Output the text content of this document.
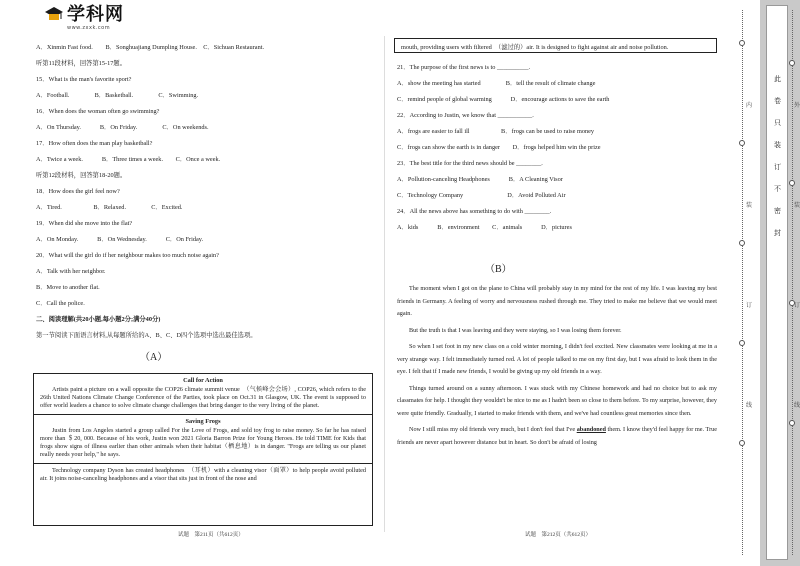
学科网
www.zxxk.com
A．Xinmin Fast food.　　B．Songhuajiang Dumpling House.　C．Sichuan Restaurant.
听第11段材料，回答第15-17题。
15．What is the man's favorite sport?
A．Football.　　　　B．Basketball.　　　　C．Swimming.
16．When does the woman often go swimming?
A．On Thursday.　　　B．On Friday.　　　　C．On weekends.
17．How often does the man play basketball?
A．Twice a week.　　　B．Three times a week.　　C．Once a week.
听第12段材料，回答第18-20题。
18．How does the girl feel now?
A．Tired.　　　　　B．Relaxed.　　　　C．Excited.
19．When did she move into the flat?
A．On Monday.　　　B．On Wednesday.　　　C．On Friday.
20．What will the girl do if her neighbour makes too much noise again?
A．Talk with her neighbor.
B．Move to another flat.
C．Call the police.
二、阅读理解(共20小题,每小题2分;满分40分)
第一节阅读下面语言材料,从每题所给的A、B、C、D四个选项中选出最佳选项。
（A）
Call for Action
Artists paint a picture on a wall opposite the COP26 climate summit venue　（气候峰会会场）, COP26, which refers to the 26th United Nations Climate Change Conference of the Parties, took place on Oct.31 in Glasgow, UK. The event is supposed to offer world leaders a chance to solve climate change challenges that bring danger to the very living of the planet.
Saving Frogs
Justin from Los Angeles started a group called For the Love of Frogs, and sold toy frog to raise money. So far he has raised more than ＄20, 000. Because of his work, Justin won 2021 Gloria Barron Prize for Young Heroes. He told TIME for Kids that frogs show signs of illness earlier than other animals when their habitat（栖息地）is in danger. "Frogs are telling us our planet really needs your help," he says.
Technology company Dyson has created headphones　（耳机）with a cleaning visor（面罩）to help people avoid polluted air. It joins noise-canceling headphones and a visor that sits just in front of the nose and
试题　第211页（共612页）
mouth, providing users with filtered　（滤过的）air. It is designed to fight against air and noise pollution.
21．The purpose of the first news is to __________.
A．show the meeting has started　　　　B．tell the result of climate change
C．remind people of global warming　　　D．encourage actions to save the earth
22．According to Justin, we know that ___________.
A．frogs are easier to fall ill　　　　　B．frogs can be used to raise money
C．frogs can show the earth is in danger　　D．frogs helped him win the prize
23．The best title for the third news should be ________.
A．Pollution-canceling Headphones　　　B．A Cleaning Visor
C．Technology Company　　　　　　　D．Avoid Polluted Air
24．All the news above has something to do with ________.
A．kids　　　B．environment　　C．animals　　　D．pictures
（B）
The moment when I got on the plane to China will probably stay in my mind for the rest of my life. I was leaving my best friends in Germany. A feeling of worry and nervousness rushed through me. They tried to make me believe that we would meet again.
But the truth is that I was leaving and they were staying, so I was losing them forever.
So when I set foot in my new class on a cold winter morning, I didn't feel excited. New classmates were looking at me in a very strange way. I felt immediately turned red. A lot of people talked to me on my first day, but I was afraid to look them in the eye. I felt that if I made new friends, I would be giving up my old friends in a way.
Things turned around on a sunny afternoon. I was stuck with my Chinese homework and had no choice but to ask my classmates for help. I thought they wouldn't be nice to me as I hadn't been so close to them before. To my surprise, however, they were quite friendly. Gradually, I started to make friends with them, and we've had countless great memories since then.
Now I still miss my old friends very much, but I don't feel that I've abandoned them. I know they'd feel happy for me. True friends are never apart however distance but in heart. So don't be afraid of losing
试题　第212页（共612页）
内
装
订
线
此
卷
只
装
订
不
密
封
外
装
订
线
